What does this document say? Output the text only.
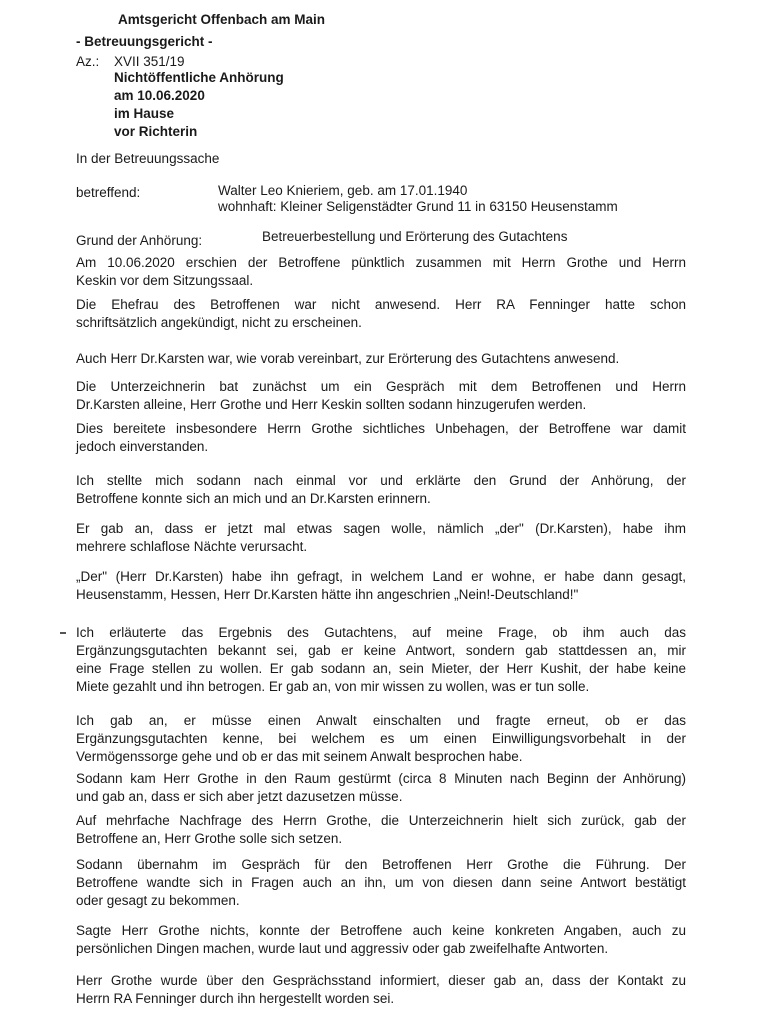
Amtsgericht Offenbach am Main
- Betreuungsgericht -
Az.: XVII 351/19
Nichtöffentliche Anhörung
am 10.06.2020
im Hause
vor Richterin
In der Betreuungssache
betreffend:	Walter Leo Knieriem, geb. am 17.01.1940
wohnhaft: Kleiner Seligenstädter Grund 11 in 63150 Heusenstamm
Grund der Anhörung:	Betreuerbestellung und Erörterung des Gutachtens
Am 10.06.2020 erschien der Betroffene pünktlich zusammen mit Herrn Grothe und Herrn
Keskin vor dem Sitzungssaal.
Die Ehefrau des Betroffenen war nicht anwesend. Herr RA Fenninger hatte schon
schriftsätzlich angekündigt, nicht zu erscheinen.
Auch Herr Dr.Karsten war, wie vorab vereinbart, zur Erörterung des Gutachtens anwesend.
Die Unterzeichnerin bat zunächst um ein Gespräch mit dem Betroffenen und Herrn
Dr.Karsten alleine, Herr Grothe und Herr Keskin sollten sodann hinzugerufen werden.
Dies bereitete insbesondere Herrn Grothe sichtliches Unbehagen, der Betroffene war damit
jedoch einverstanden.
Ich stellte mich sodann nach einmal vor und erklärte den Grund der Anhörung, der
Betroffene konnte sich an mich und an Dr.Karsten erinnern.
Er gab an, dass er jetzt mal etwas sagen wolle, nämlich „der" (Dr.Karsten), habe ihm
mehrere schlaflose Nächte verursacht.
„Der" (Herr Dr.Karsten) habe ihn gefragt, in welchem Land er wohne, er habe dann gesagt,
Heusenstamm, Hessen, Herr Dr.Karsten hätte ihn angeschrien „Nein!-Deutschland!"
Ich erläuterte das Ergebnis des Gutachtens, auf meine Frage, ob ihm auch das
Ergänzungsgutachten bekannt sei, gab er keine Antwort, sondern gab stattdessen an, mir
eine Frage stellen zu wollen. Er gab sodann an, sein Mieter, der Herr Kushit, der habe keine
Miete gezahlt und ihn betrogen. Er gab an, von mir wissen zu wollen, was er tun solle.
Ich gab an, er müsse einen Anwalt einschalten und fragte erneut, ob er das
Ergänzungsgutachten kenne, bei welchem es um einen Einwilligungsvorbehalt in der
Vermögenssorge gehe und ob er das mit seinem Anwalt besprochen habe.
Sodann kam Herr Grothe in den Raum gestürmt (circa 8 Minuten nach Beginn der Anhörung)
und gab an, dass er sich aber jetzt dazusetzen müsse.
Auf mehrfache Nachfrage des Herrn Grothe, die Unterzeichnerin hielt sich zurück, gab der
Betroffene an, Herr Grothe solle sich setzen.
Sodann übernahm im Gespräch für den Betroffenen Herr Grothe die Führung. Der
Betroffene wandte sich in Fragen auch an ihn, um von diesen dann seine Antwort bestätigt
oder gesagt zu bekommen.
Sagte Herr Grothe nichts, konnte der Betroffene auch keine konkreten Angaben, auch zu
persönlichen Dingen machen, wurde laut und aggressiv oder gab zweifelhafte Antworten.
Herr Grothe wurde über den Gesprächsstand informiert, dieser gab an, dass der Kontakt zu
Herrn RA Fenninger durch ihn hergestellt worden sei.
